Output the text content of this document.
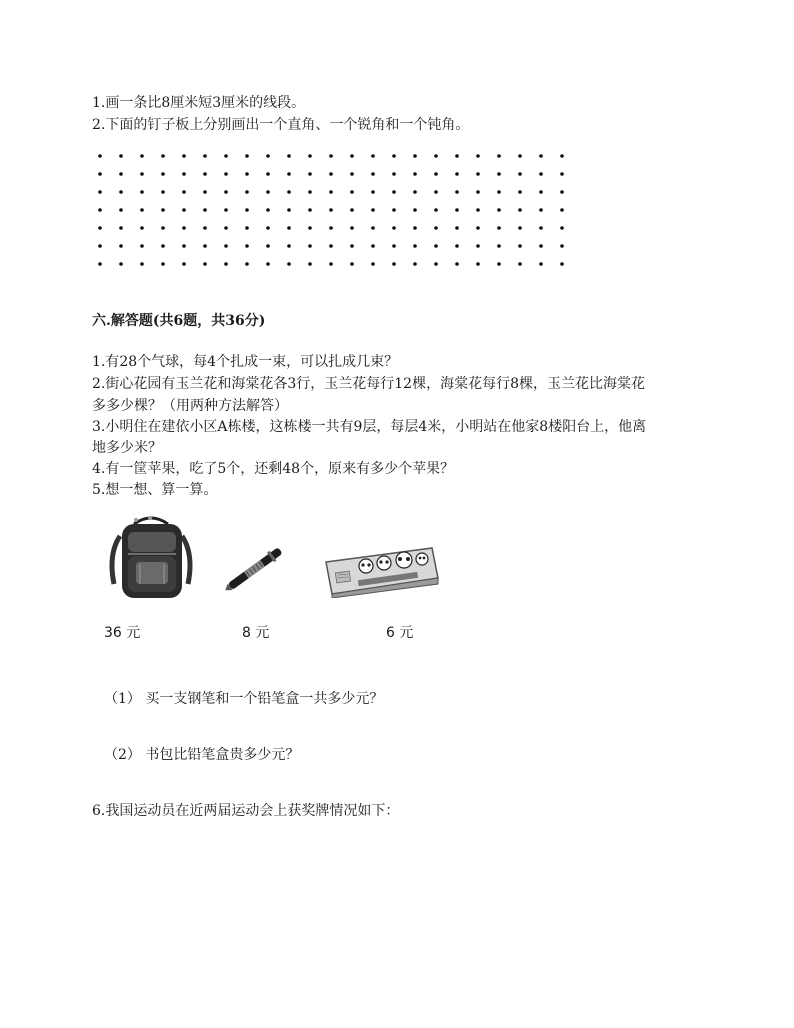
1.画一条比8厘米短3厘米的线段。
2.下面的钉子板上分别画出一个直角、一个锐角和一个钝角。
六.解答题(共6题，共36分)
1.有28个气球，每4个扎成一束，可以扎成几束？
2.街心花园有玉兰花和海棠花各3行，玉兰花每行12棵，海棠花每行8棵，玉兰花比海棠花
多多少棵？（用两种方法解答）
3.小明住在建依小区A栋楼，这栋楼一共有9层，每层4米，小明站在他家8楼阳台上，他离
地多少米？
4.有一筐苹果，吃了5个，还剩48个，原来有多少个苹果？
5.想一想、算一算。
36 元	8 元	6 元
（1） 买一支钢笔和一个铅笔盒一共多少元？
（2） 书包比铅笔盒贵多少元？
6.我国运动员在近两届运动会上获奖牌情况如下：
